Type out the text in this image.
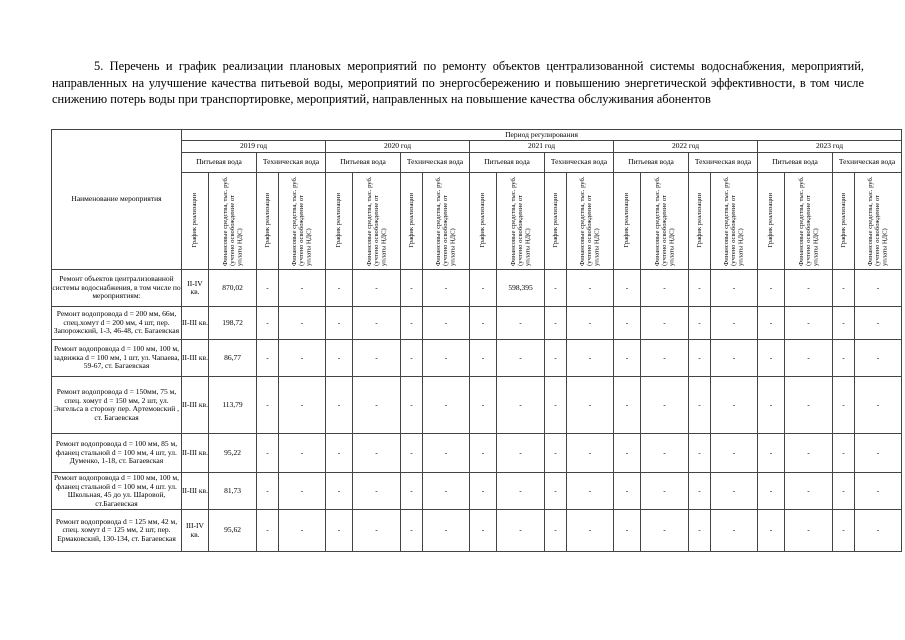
5. Перечень и график реализации плановых мероприятий по ремонту объектов централизованной системы водоснабжения, мероприятий, направленных на улучшение качества питьевой воды, мероприятий по энергосбережению и повышению энергетической эффективности, в том числе снижению потерь воды при транспортировке, мероприятий, направленных на повышение качества обслуживания абонентов
Наименование мероприятия	Период регулирования																			
	2019 год				2020 год				2021 год				2022 год				2023 год			
	Питьевая вода		Техническая вода		Питьевая вода		Техническая вода		Питьевая вода		Техническая вода		Питьевая вода		Техническая вода		Питьевая вода		Техническая вода	
	График реализации	Финансовые средства, тыс. руб. (учтено освобождение от уплаты НДС)	График реализации	Финансовые средства, тыс. руб. (учтено освобождение от уплаты НДС)	График реализации	Финансовые средства, тыс. руб. (учтено освобождение от уплаты НДС)	График реализации	Финансовые средства, тыс. руб. (учтено освобождение от уплаты НДС)	График реализации	Финансовые средства, тыс. руб. (учтено освобождение от уплаты НДС)	График реализации	Финансовые средства, тыс. руб. (учтено освобождение от уплаты НДС)	График реализации	Финансовые средства, тыс. руб. (учтено освобождение от уплаты НДС)	График реализации	Финансовые средства, тыс. руб. (учтено освобождение от уплаты НДС)	График реализации	Финансовые средства, тыс. руб. (учтено освобождение от уплаты НДС)	График реализации	Финансовые средства, тыс. руб. (учтено освобождение от уплаты НДС)
Ремонт объектов централизованной системы водоснабжения, в том числе по мероприятиям:	II-IV кв.	870,02	-	-	-	-	-	-	-	598,395	-	-	-	-	-	-	-	-	-	-
Ремонт водопровода d = 200 мм, 66м, спец.хомут d = 200 мм, 4 шт, пер. Запорожский, 1-3, 46-48, ст. Багаевская	II-III кв.	198,72	-	-	-	-	-	-	-	-	-	-	-	-	-	-	-	-	-	-
Ремонт водопровода d = 100 мм, 100 м, задвижка d = 100 мм, 1 шт, ул. Чапаева, 59-67, ст. Багаевская	II-III кв.	86,77	-	-	-	-	-	-	-	-	-	-	-	-	-	-	-	-	-	-
Ремонт водопровода d = 150мм, 75 м, спец. хомут d = 150 мм, 2 шт, ул. Энгельса в сторону пер. Артемовский , ст. Багаевская	II-III кв.	113,79	-	-	-	-	-	-	-	-	-	-	-	-	-	-	-	-	-	-
Ремонт водопровода d = 100 мм, 85 м, фланец стальной d = 100 мм, 4 шт, ул. Думенко, 1-18, ст. Багаевская	II-III кв.	95,22	-	-	-	-	-	-	-	-	-	-	-	-	-	-	-	-	-	-
Ремонт водопровода d = 100 мм, 100 м, фланец стальной d = 100 мм, 4 шт. ул. Школьная, 45 до ул. Шаровой, ст.Багаевская	II-III кв.	81,73	-	-	-	-	-	-	-	-	-	-	-	-	-	-	-	-	-	-
Ремонт водопровода d = 125 мм, 42 м, спец. хомут d = 125 мм, 2 шт, пер. Ермаковский, 130-134, ст. Багаевская	III-IV кв.	95,62	-	-	-	-	-	-	-	-	-	-	-	-	-	-	-	-	-	-
